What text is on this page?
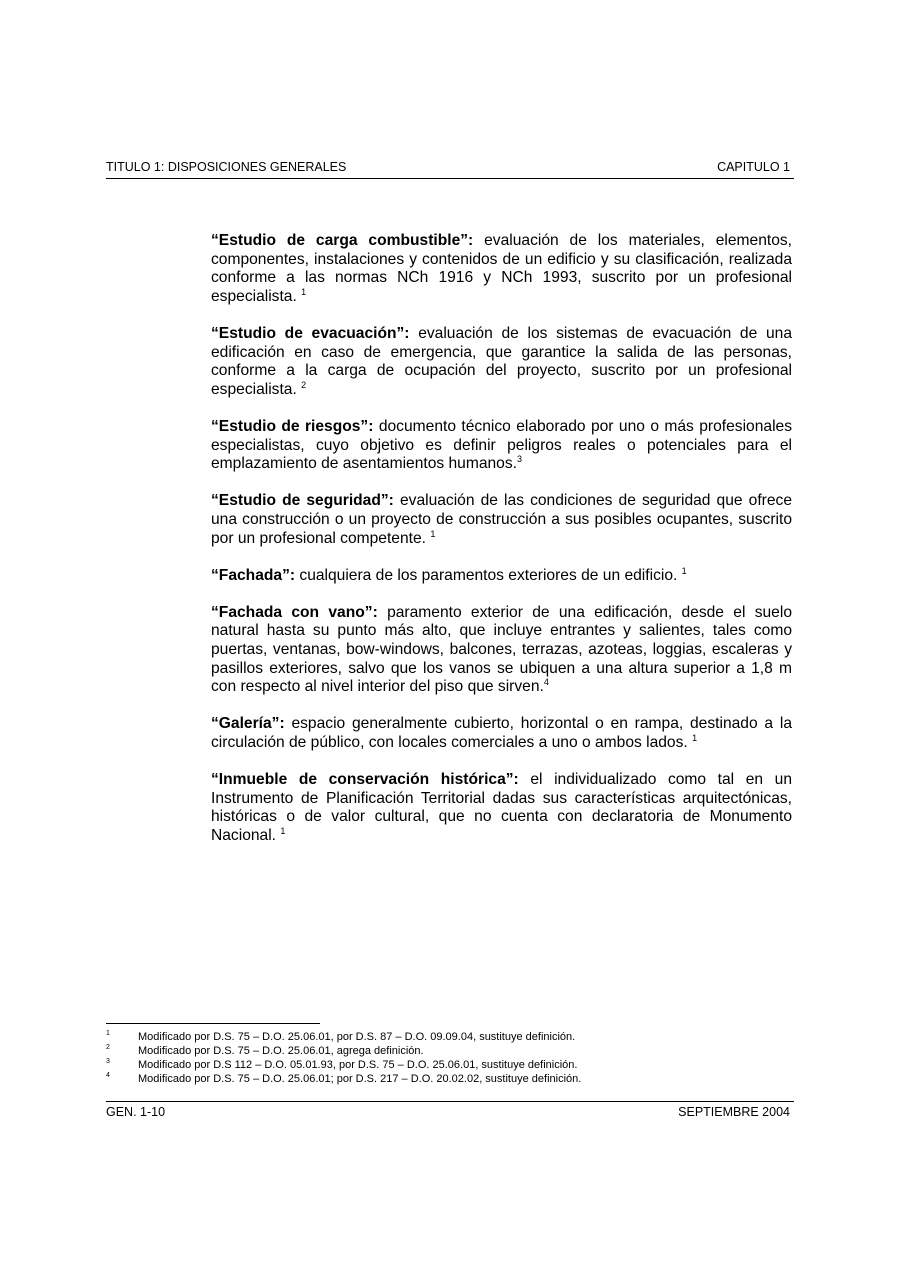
TITULO 1: DISPOSICIONES GENERALES	CAPITULO 1

“Estudio de carga combustible”: evaluación de los materiales, elementos, componentes, instalaciones y contenidos de un edificio y su clasificación, realizada conforme a las normas NCh 1916 y NCh 1993, suscrito por un profesional especialista. $^1$

“Estudio de evacuación”: evaluación de los sistemas de evacuación de una edificación en caso de emergencia, que garantice la salida de las personas, conforme a la carga de ocupación del proyecto, suscrito por un profesional especialista. $^2$

“Estudio de riesgos”: documento técnico elaborado por uno o más profesionales especialistas, cuyo objetivo es definir peligros reales o potenciales para el emplazamiento de asentamientos humanos.$^3$

“Estudio de seguridad”: evaluación de las condiciones de seguridad que ofrece una construcción o un proyecto de construcción a sus posibles ocupantes, suscrito por un profesional competente. $^1$

“Fachada”: cualquiera de los paramentos exteriores de un edificio. $^1$

“Fachada con vano”: paramento exterior de una edificación, desde el suelo natural hasta su punto más alto, que incluye entrantes y salientes, tales como puertas, ventanas, bow-windows, balcones, terrazas, azoteas, loggias, escaleras y pasillos exteriores, salvo que los vanos se ubiquen a una altura superior a 1,8 m con respecto al nivel interior del piso que sirven.$^4$

“Galería”: espacio generalmente cubierto, horizontal o en rampa, destinado a la circulación de público, con locales comerciales a uno o ambos lados. $^1$

“Inmueble de conservación histórica”: el individualizado como tal en un Instrumento de Planificación Territorial dadas sus características arquitectónicas, históricas o de valor cultural, que no cuenta con declaratoria de Monumento Nacional. $^1$

1	Modificado por D.S. 75 – D.O. 25.06.01, por D.S. 87 – D.O. 09.09.04, sustituye definición.
2	Modificado por D.S. 75 – D.O. 25.06.01, agrega definición.
3	Modificado por D.S 112 – D.O. 05.01.93, por D.S. 75 – D.O. 25.06.01, sustituye definición.
4	Modificado por D.S. 75 – D.O. 25.06.01; por D.S. 217 – D.O. 20.02.02, sustituye definición.
GEN. 1-10	SEPTIEMBRE 2004
